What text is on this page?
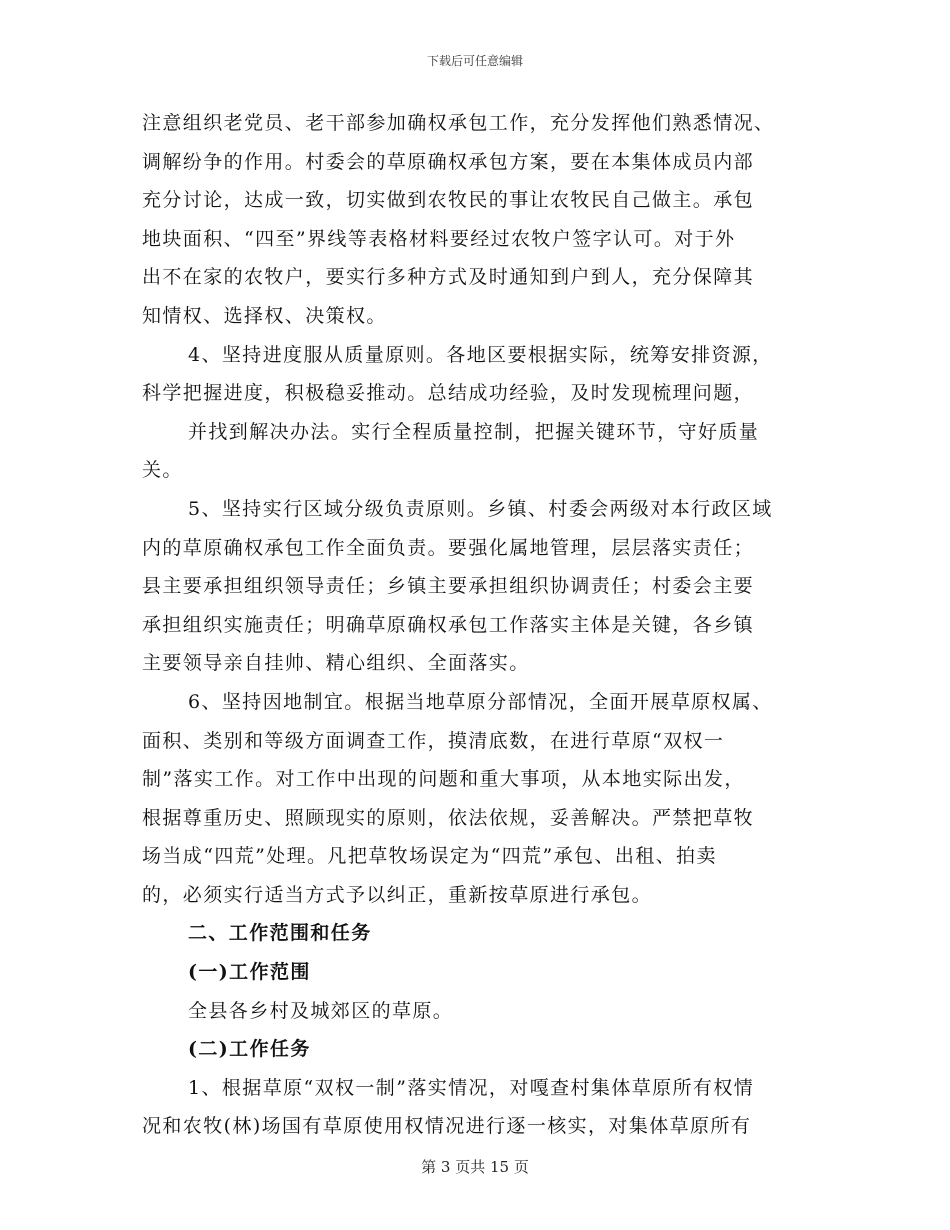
下载后可任意编辑
注意组织老党员、老干部参加确权承包工作，充分发挥他们熟悉情况、
调解纷争的作用。村委会的草原确权承包方案，要在本集体成员内部
充分讨论，达成一致，切实做到农牧民的事让农牧民自己做主。承包
地块面积、“四至”界线等表格材料要经过农牧户签字认可。对于外
出不在家的农牧户，要实行多种方式及时通知到户到人，充分保障其
知情权、选择权、决策权。
4、坚持进度服从质量原则。各地区要根据实际，统筹安排资源，
科学把握进度，积极稳妥推动。总结成功经验，及时发现梳理问题，
并找到解决办法。实行全程质量控制，把握关键环节，守好质量
关。
5、坚持实行区域分级负责原则。乡镇、村委会两级对本行政区域
内的草原确权承包工作全面负责。要强化属地管理，层层落实责任；
县主要承担组织领导责任；乡镇主要承担组织协调责任；村委会主要
承担组织实施责任；明确草原确权承包工作落实主体是关键，各乡镇
主要领导亲自挂帅、精心组织、全面落实。
6、坚持因地制宜。根据当地草原分部情况，全面开展草原权属、
面积、类别和等级方面调查工作，摸清底数，在进行草原“双权一
制”落实工作。对工作中出现的问题和重大事项，从本地实际出发，
根据尊重历史、照顾现实的原则，依法依规，妥善解决。严禁把草牧
场当成“四荒”处理。凡把草牧场误定为“四荒”承包、出租、拍卖
的，必须实行适当方式予以纠正，重新按草原进行承包。
二、工作范围和任务
(一)工作范围
全县各乡村及城郊区的草原。
(二)工作任务
1、根据草原“双权一制”落实情况，对嘎查村集体草原所有权情
况和农牧(林)场国有草原使用权情况进行逐一核实，对集体草原所有
第 3 页共 15 页
